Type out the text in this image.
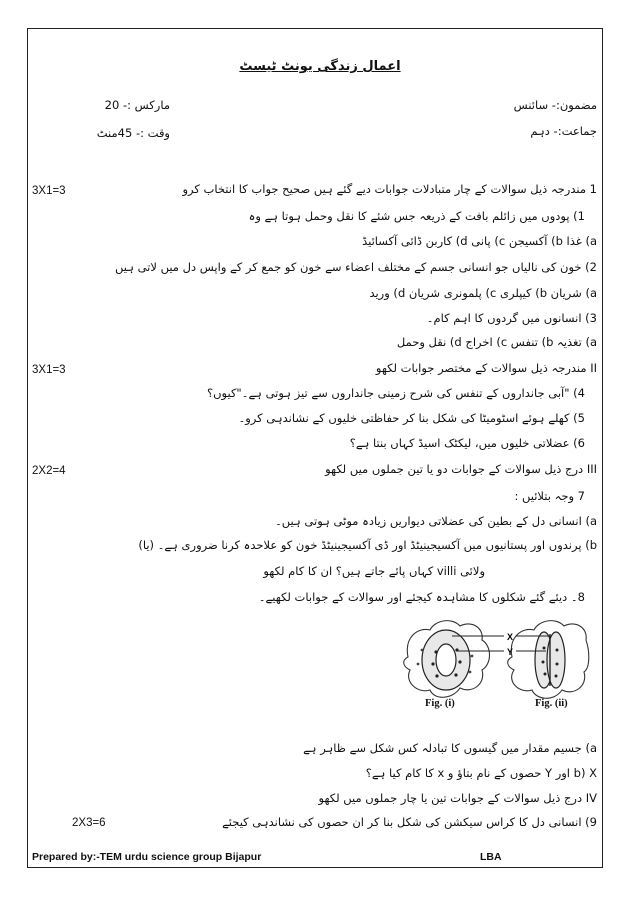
اعمال زندگی یونٹ ٹیسٹ
مضمون:- سائنس
مارکس :- 20
جماعت:- دہم
وقت :- 45منٹ
1 مندرجہ ذیل سوالات کے چار متبادلات جوابات دیے گئے ہیں صحیح جواب کا انتخاب کرو
3X1=3
1) پودوں میں زائلم بافت کے ذریعہ جس شئے کا نقل وحمل ہوتا ہے وہ
a) غذا b) آکسیجن c) پانی d) کاربن ڈائی آکسائیڈ
2) خون کی نالیاں جو انسانی جسم کے مختلف اعضاء سے خون کو جمع کر کے واپس دل میں لاتی ہیں
a) شریان b) کیپلری c) پلمونری شریان d) ورید
3) انسانوں میں گردوں کا اہم کام۔
a) تغذیہ b) تنفس c) اخراج d) نقل وحمل
II مندرجہ ذیل سوالات کے مختصر جوابات لکھو
3X1=3
4) "آبی جانداروں کے تنفس کی شرح زمینی جانداروں سے تیز ہوتی ہے۔"کیوں؟
5) کھلے ہوئے اسٹومیٹا کی شکل بنا کر حفاظتی خلیوں کے نشاندہی کرو۔
6) عضلاتی خلیوں میں، لیکٹک اسیڈ کہاں بنتا ہے؟
III درج ذیل سوالات کے جوابات دو یا تین جملوں میں لکھو
2X2=4
7 وجہ بتلائیں :
a) انسانی دل کے بطین کی عضلاتی دیواریں زیادہ موٹی ہوتی ہیں۔
b) پرندوں اور پستانیوں میں آکسیجینیٹڈ اور ڈی آکسیجینیٹڈ خون کو علاحدہ کرنا ضروری ہے۔ (یا)
ولائی villi کہاں پائے جاتے ہیں؟ ان کا کام لکھو
8۔ دیئے گئے شکلوں کا مشاہدہ کیجئے اور سوالات کے جوابات لکھیے۔
X
Y
Fig. (i)	Fig. (ii)
a) جسیم مقدار میں گیسوں کا تبادلہ کس شکل سے ظاہر ہے
b) X اور Y حصوں کے نام بتاؤ و x کا کام کیا ہے؟
IV درج ذیل سوالات کے جوابات تین یا چار جملوں میں لکھو
9) انسانی دل کا کراس سیکشن کی شکل بنا کر ان حصوں کی نشاندہی کیجئے
2X3=6
Prepared by:-TEM urdu science group Bijapur	LBA
